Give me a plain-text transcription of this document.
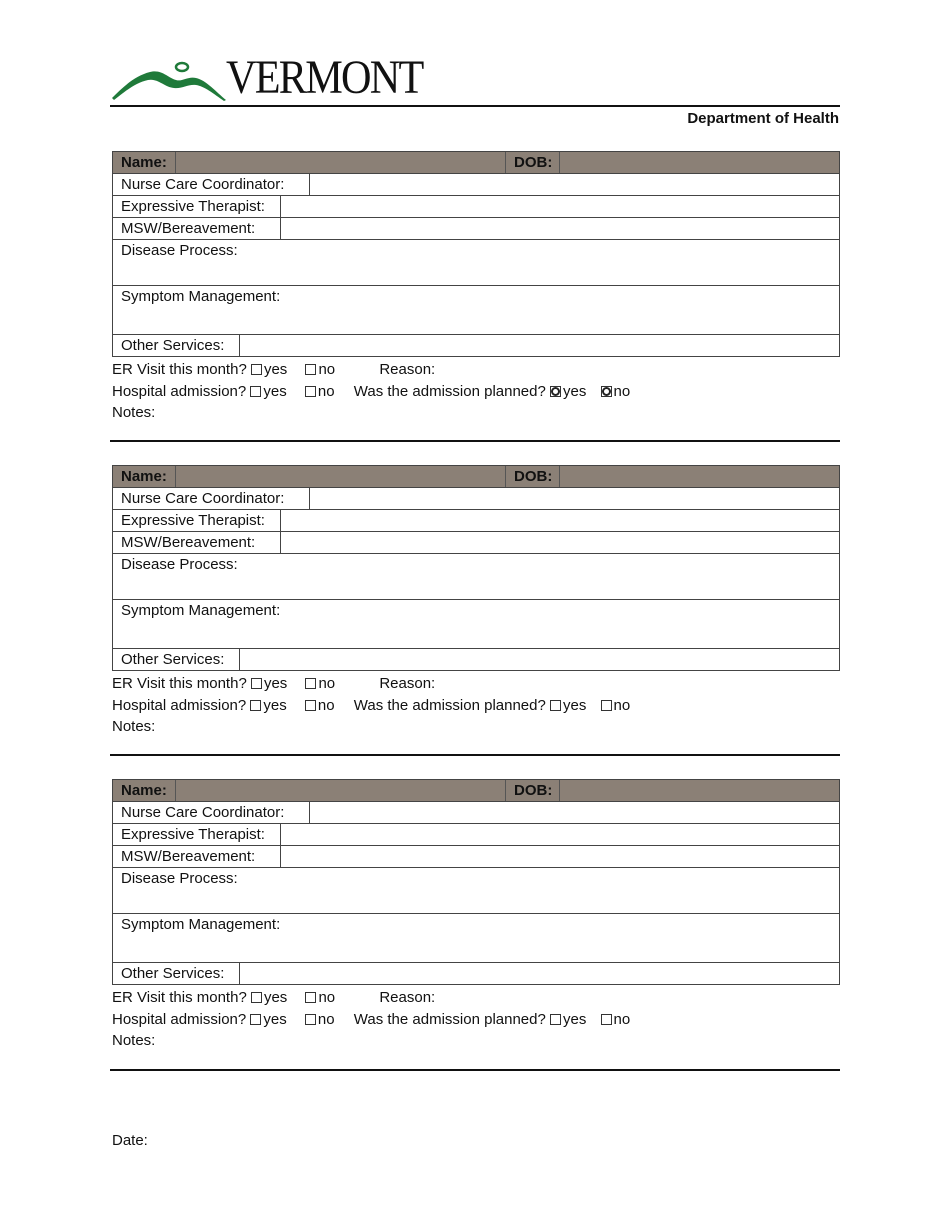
VERMONT
Department of Health
Name:	DOB:
Nurse Care Coordinator:
Expressive Therapist:
MSW/Bereavement:
Disease Process:
Symptom Management:
Other Services:
ER Visit this month? yes no	Reason:
Hospital admission? yes no Was the admission planned? yes no
Notes:
Name:	DOB:
Nurse Care Coordinator:
Expressive Therapist:
MSW/Bereavement:
Disease Process:
Symptom Management:
Other Services:
ER Visit this month? yes no	Reason:
Hospital admission? yes no Was the admission planned? yes no
Notes:
Name:	DOB:
Nurse Care Coordinator:
Expressive Therapist:
MSW/Bereavement:
Disease Process:
Symptom Management:
Other Services:
ER Visit this month? yes no	Reason:
Hospital admission? yes no Was the admission planned? yes no
Notes:
Date:
